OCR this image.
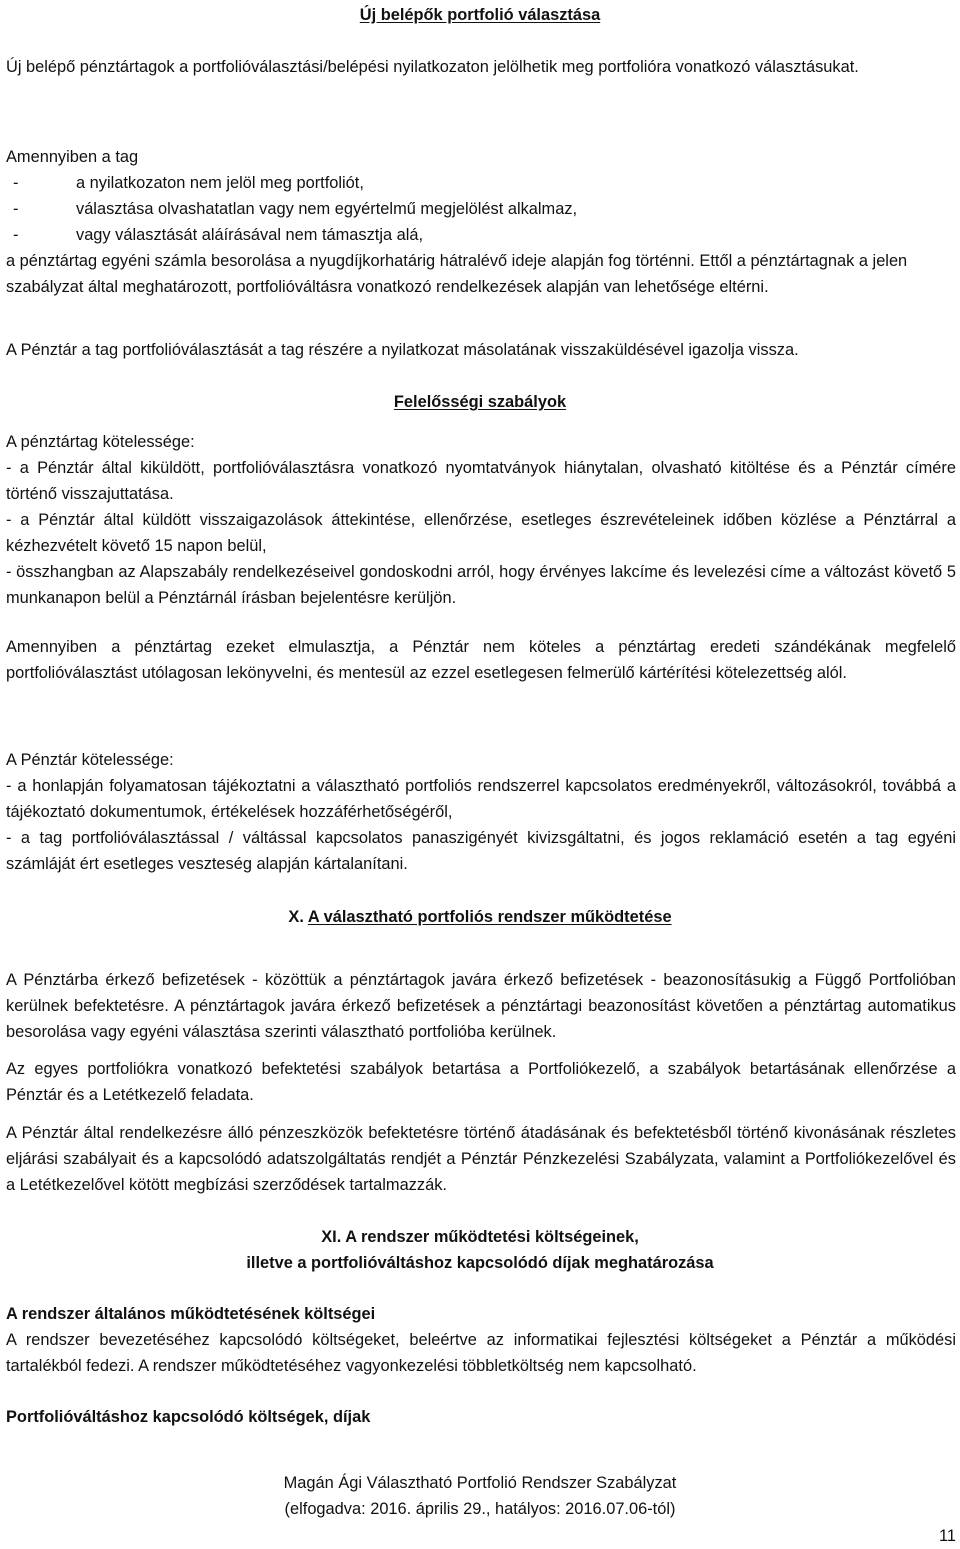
Új belépők portfolió választása

Új belépő pénztártagok a portfolióválasztási/belépési nyilatkozaton jelölhetik meg portfolióra vonatkozó választásukat.

Amennyiben a tag

-	a nyilatkozaton nem jelöl meg portfoliót,

-	választása olvashatatlan vagy nem egyértelmű megjelölést alkalmaz,

-	vagy választását aláírásával nem támasztja alá,

a pénztártag egyéni számla besorolása a nyugdíjkorhatárig hátralévő ideje alapján fog történni. Ettől a pénztártagnak a jelen szabályzat által meghatározott, portfolióváltásra vonatkozó rendelkezések alapján van lehetősége eltérni.

A Pénztár a tag portfolióválasztását a tag részére a nyilatkozat másolatának visszaküldésével igazolja vissza.

Felelősségi szabályok

A pénztártag kötelessége:

- a Pénztár által kiküldött, portfolióválasztásra vonatkozó nyomtatványok hiánytalan, olvasható kitöltése és a Pénztár címére történő visszajuttatása.

- a Pénztár által küldött visszaigazolások áttekintése, ellenőrzése, esetleges észrevételeinek időben közlése a Pénztárral a kézhezvételt követő 15 napon belül,

- összhangban az Alapszabály rendelkezéseivel gondoskodni arról, hogy érvényes lakcíme és levelezési címe a változást követő 5 munkanapon belül a Pénztárnál írásban bejelentésre kerüljön.

Amennyiben a pénztártag ezeket elmulasztja, a Pénztár nem köteles a pénztártag eredeti szándékának megfelelő portfolióválasztást utólagosan lekönyvelni, és mentesül az ezzel esetlegesen felmerülő kártérítési kötelezettség alól.

A Pénztár kötelessége:

- a honlapján folyamatosan tájékoztatni a választható portfoliós rendszerrel kapcsolatos eredményekről, változásokról, továbbá a tájékoztató dokumentumok, értékelések hozzáférhetőségéről,

- a tag portfolióválasztással / váltással kapcsolatos panaszigényét kivizsgáltatni, és jogos reklamáció esetén a tag egyéni számláját ért esetleges veszteség alapján kártalanítani.

X. A választható portfoliós rendszer működtetése

A Pénztárba érkező befizetések - közöttük a pénztártagok javára érkező befizetések - beazonosításukig a Függő Portfolióban kerülnek befektetésre. A pénztártagok javára érkező befizetések a pénztártagi beazonosítást követően a pénztártag automatikus besorolása vagy egyéni választása szerinti választható portfolióba kerülnek.

Az egyes portfoliókra vonatkozó befektetési szabályok betartása a Portfoliókezelő, a szabályok betartásának ellenőrzése a Pénztár és a Letétkezelő feladata.

A Pénztár által rendelkezésre álló pénzeszközök befektetésre történő átadásának és befektetésből történő kivonásának részletes eljárási szabályait és a kapcsolódó adatszolgáltatás rendjét a Pénztár Pénzkezelési Szabályzata, valamint a Portfoliókezelővel és a Letétkezelővel kötött megbízási szerződések tartalmazzák.

XI. A rendszer működtetési költségeinek,

illetve a portfolióváltáshoz kapcsolódó díjak meghatározása

A rendszer általános működtetésének költségei

A rendszer bevezetéséhez kapcsolódó költségeket, beleértve az informatikai fejlesztési költségeket a Pénztár a működési tartalékból fedezi. A rendszer működtetéséhez vagyonkezelési többletköltség nem kapcsolható.

Portfolióváltáshoz kapcsolódó költségek, díjak

Magán Ági Választható Portfolió Rendszer Szabályzat

(elfogadva: 2016. április 29., hatályos: 2016.07.06-tól)

11
